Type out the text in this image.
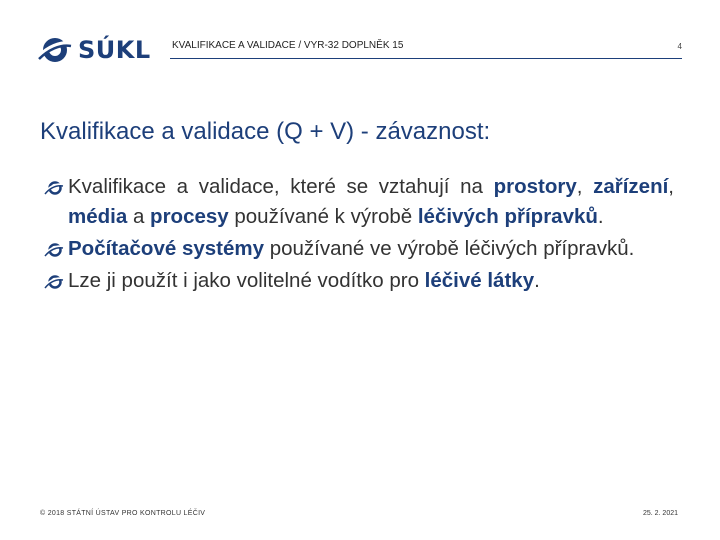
SÚKL KVALIFIKACE A VALIDACE / VYR-32 DOPLNĚK 15	4
Kvalifikace a validace (Q + V) - závaznost:

Kvalifikace a validace, které se vztahují na prostory, zařízení, média a procesy používané k výrobě léčivých přípravků.

Počítačové systémy používané ve výrobě léčivých přípravků.

Lze ji použít i jako volitelné vodítko pro léčivé látky.

© 2018 STÁTNÍ ÚSTAV PRO KONTROLU LÉČIV	25. 2. 2021
